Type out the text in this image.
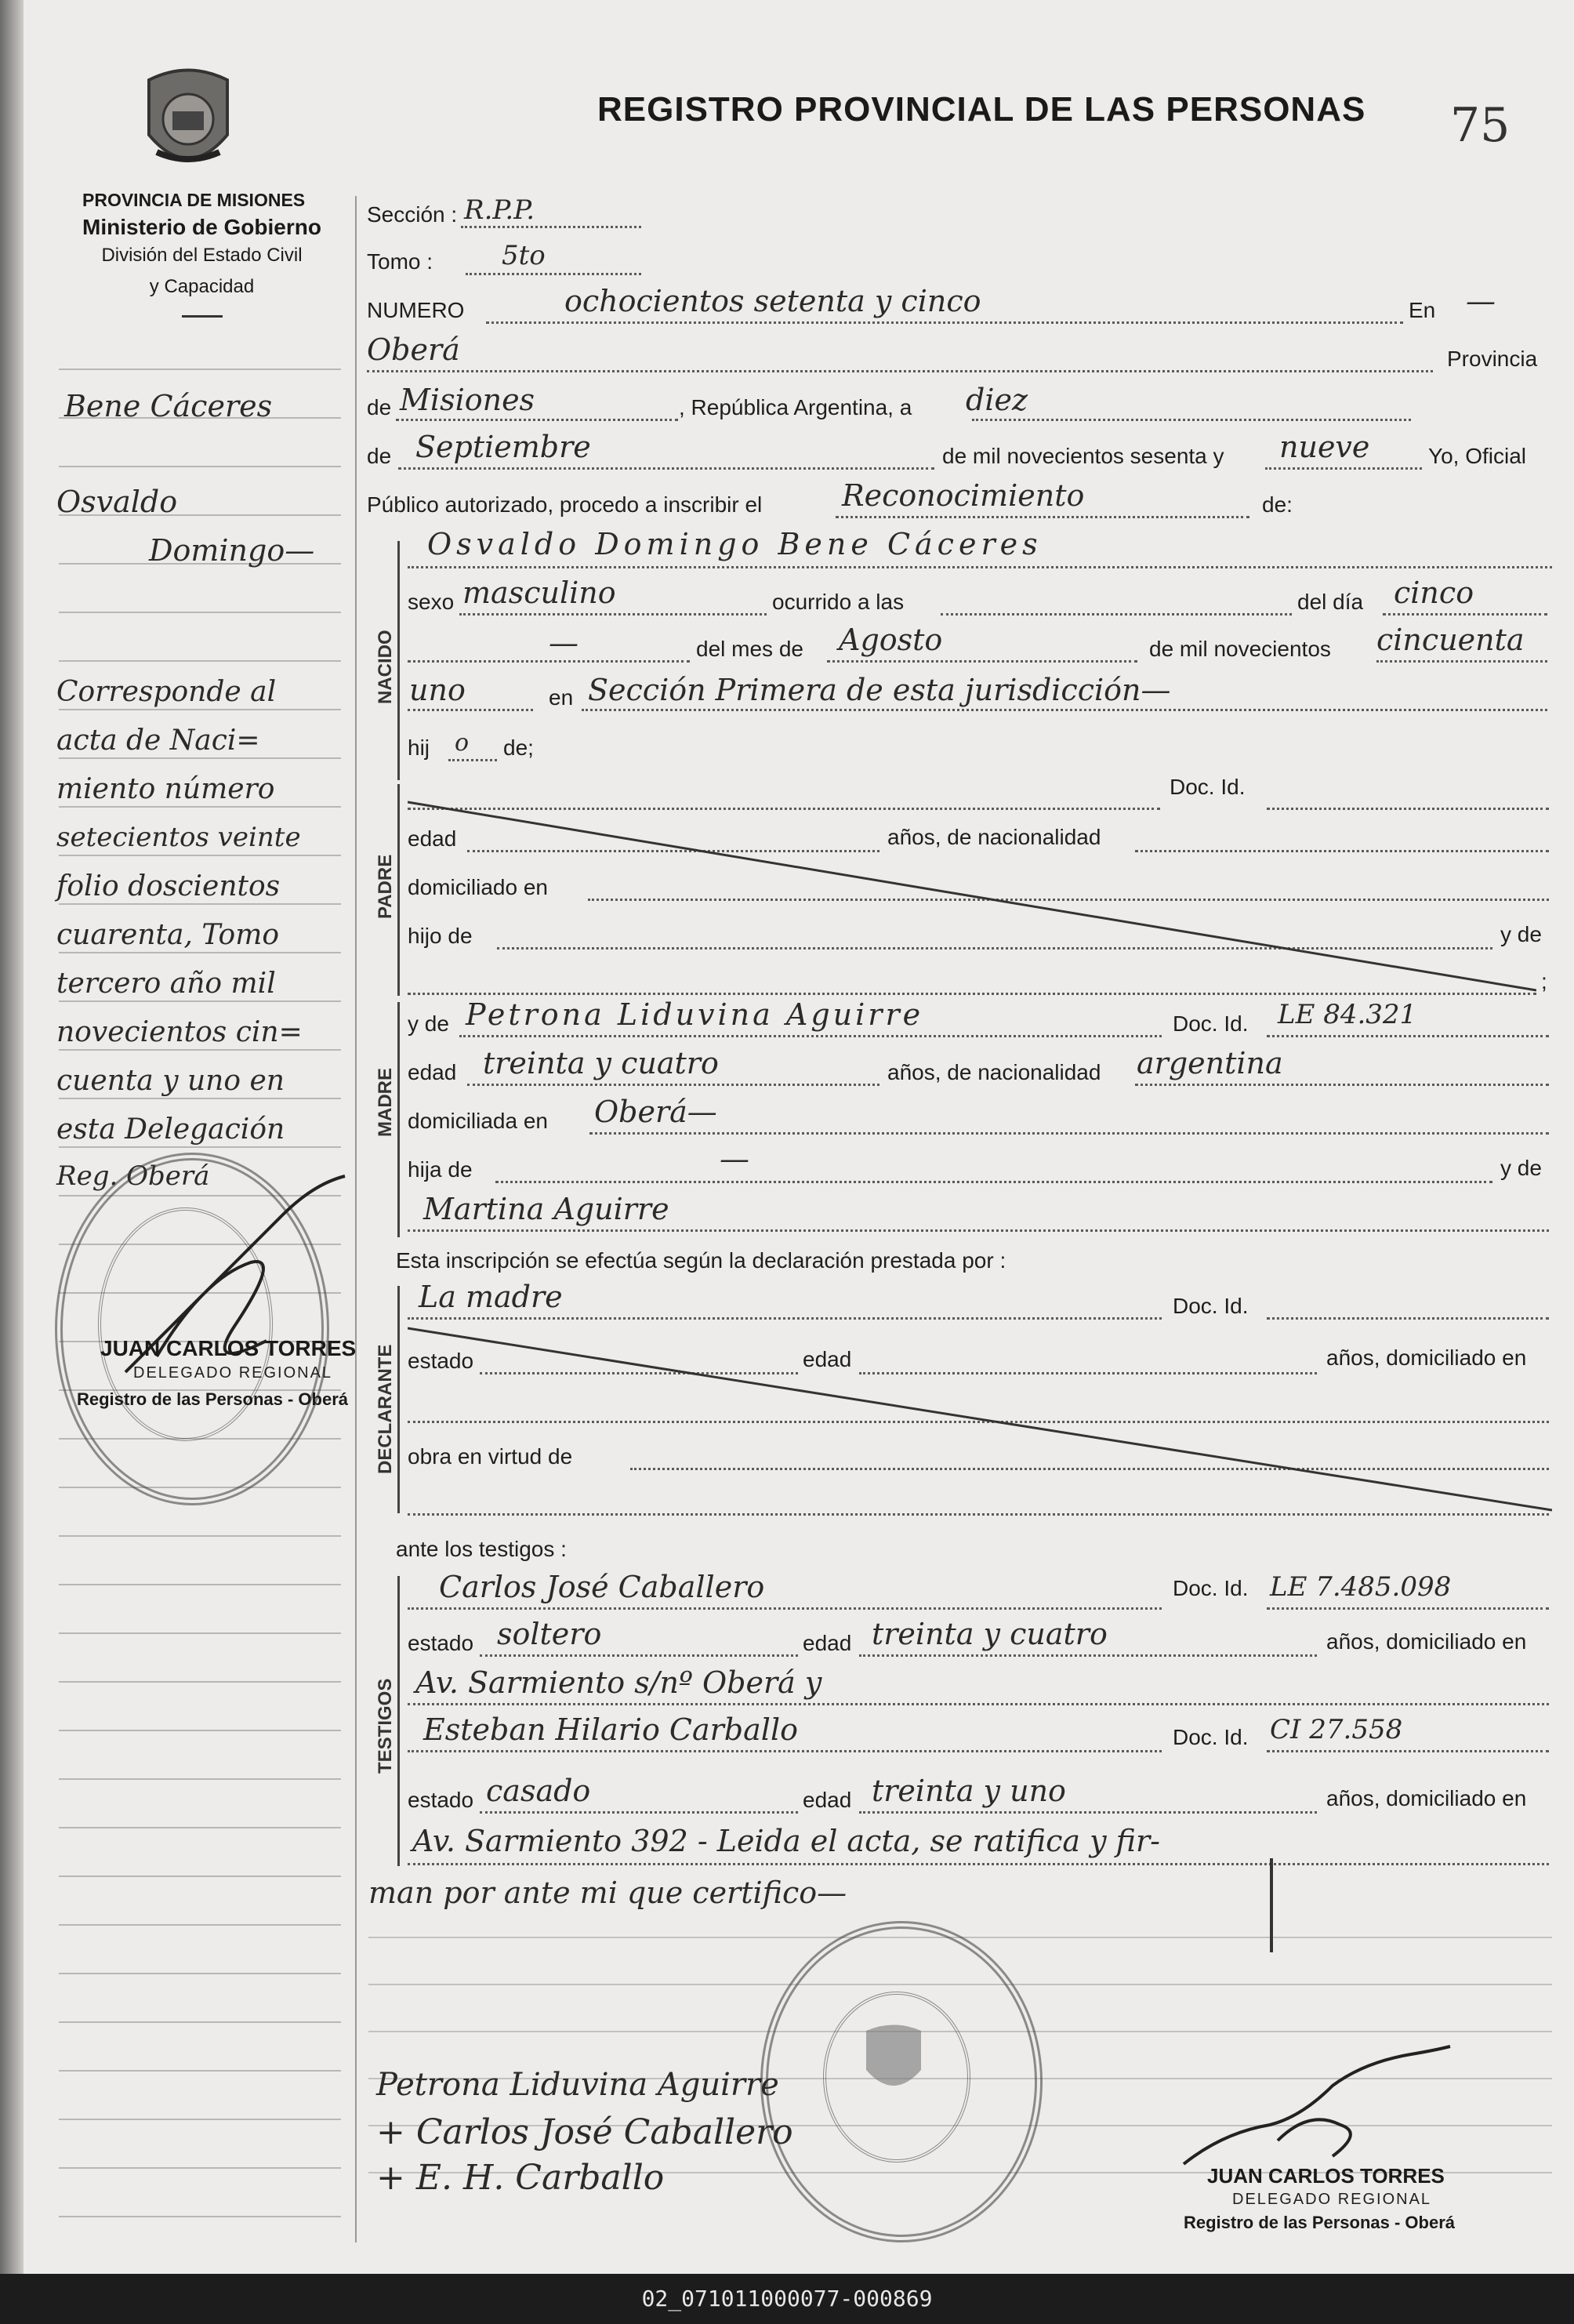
PROVINCIA DE MISIONES
Ministerio de Gobierno
División del Estado Civil
y Capacidad
REGISTRO PROVINCIAL DE LAS PERSONAS 75
Sección : R.P.P.
Tomo :	5to
NUMERO	ochocientos setenta y cinco	En —
Oberá	Provincia
de Misiones	, República Argentina, a diez
de Septiembre	de mil novecientos sesenta y nueve	Yo, Oficial
Público autorizado, procedo a inscribir el	Reconocimiento	de:
NACIDO
Osvaldo Domingo Bene Cáceres
sexo masculino	ocurrido a las	del día cinco
—	del mes de Agosto	de mil novecientos cincuenta
uno	en Sección Primera de esta jurisdicción—
hij o de;
PADRE
Doc. Id.
edad	años, de nacionalidad
domiciliado en
hijo de	y de
;
MADRE
y de Petrona Liduvina Aguirre	Doc. Id. LE 84.321
edad treinta y cuatro	años, de nacionalidad argentina
domiciliada en Oberá—
hija de	—	y de
Martina Aguirre
Esta inscripción se efectúa según la declaración prestada por :
DECLARANTE
La madre	Doc. Id.
estado	edad	años, domiciliado en
obra en virtud de
ante los testigos :
TESTIGOS
Carlos José Caballero	Doc. Id. LE 7.485.098
estado soltero	edad treinta y cuatro	años, domiciliado en
Av. Sarmiento s/nº Oberá y
Esteban Hilario Carballo	Doc. Id. CI 27.558
estado casado	edad treinta y uno	años, domiciliado en
Av. Sarmiento 392 - Leida el acta, se ratifica y fir-
man por ante mi que certifico—
Bene Cáceres
Osvaldo
Domingo—
Corresponde al
acta de Naci=
miento número
setecientos veinte
folio doscientos
cuarenta, Tomo
tercero año mil
novecientos cin=
cuenta y uno en
esta Delegación
Reg. Oberá
JUAN CARLOS TORRES
DELEGADO REGIONAL
Registro de las Personas - Oberá
Petrona Liduvina Aguirre
+ Carlos José Caballero
+ E. H. Carballo	JUAN CARLOS TORRES
DELEGADO REGIONAL
Registro de las Personas - Oberá
02_071011000077-000869
